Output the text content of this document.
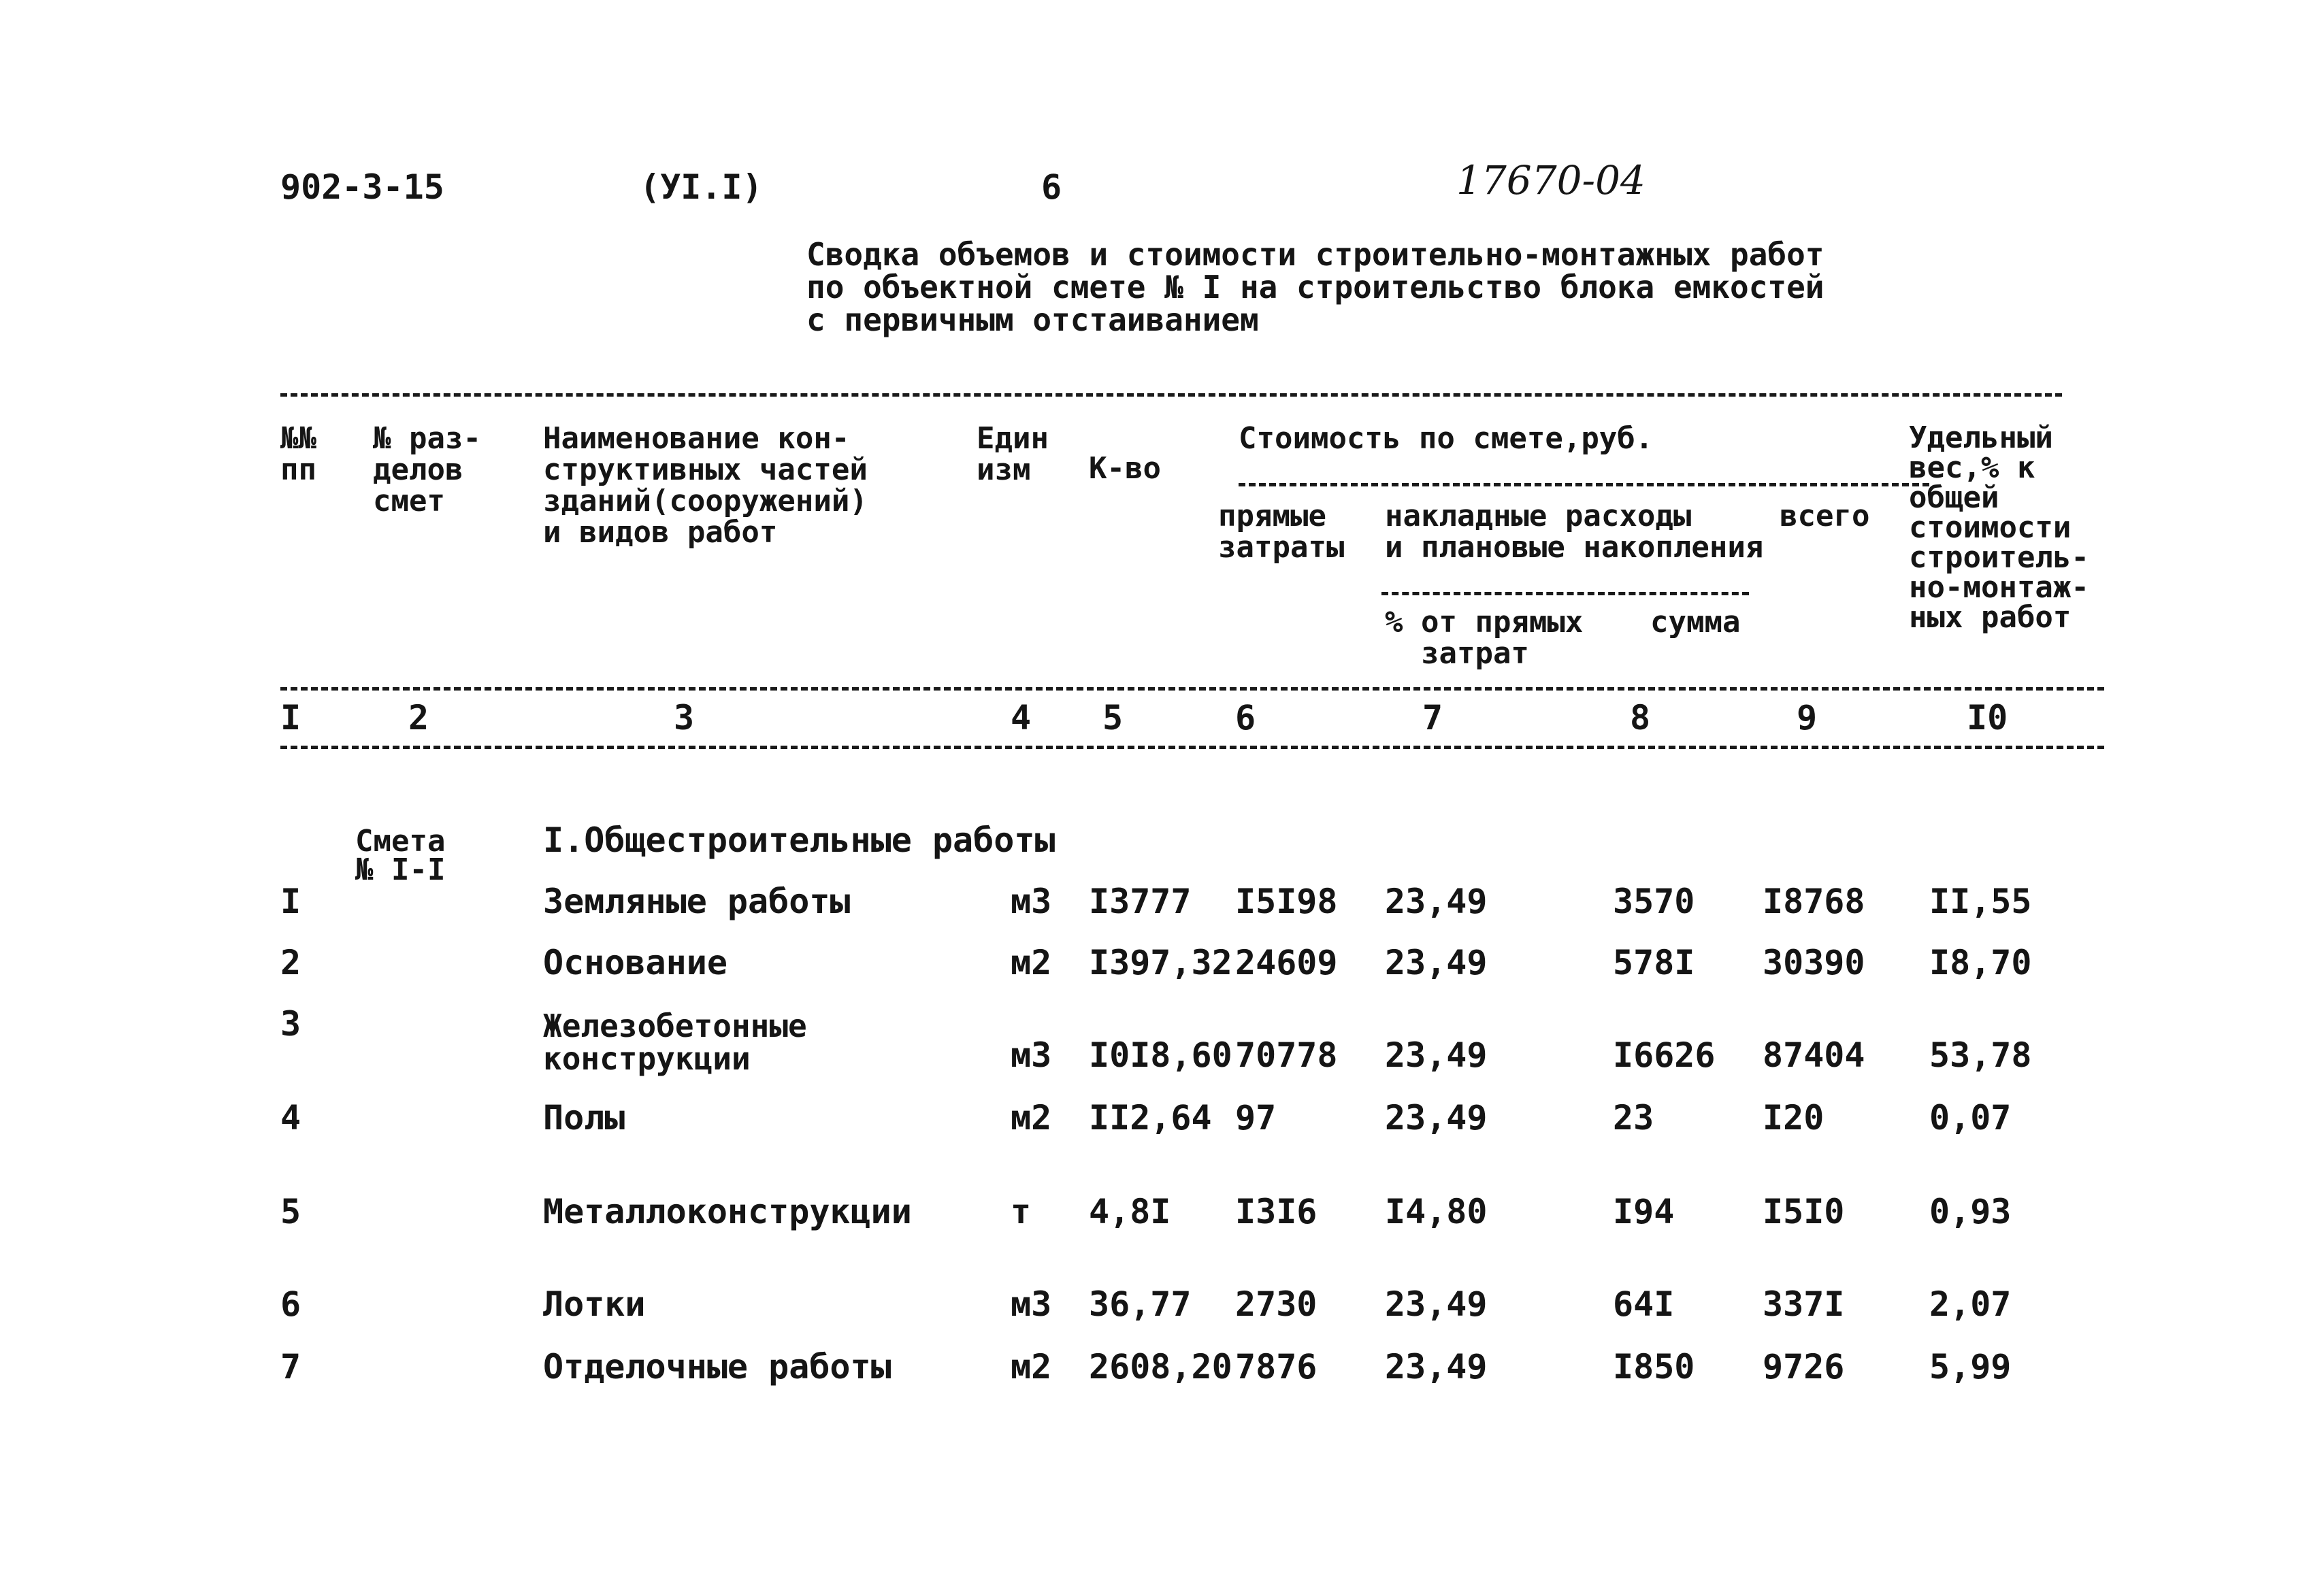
902-3-15	(УI.I)	6	17670-04
Сводка объемов и стоимости строительно-монтажных работ
по объектной смете № I на строительство блока емкостей
с первичным отстаиванием
№№
пп
№ раз-
делов
смет
Наименование кон-
структивных частей
зданий(сооружений)
и видов работ
Един
изм	К-во
Стоимость по смете,руб.
прямые
затраты
накладные расходы
и плановые накопления
всего
% от прямых
затрат
сумма
Удельный
вес,% к
общей
стоимости
строитель-
но-монтаж-
ных работ
I	2	3	4 5	6	7	8	9	I0
Смета
№ I-I
I.Общестроительные работы
I	Земляные работы	м3 I3777 I5I98 23,49	3570 I8768 II,55
2	Основание	м2 I397,32 24609 23,49	578I 30390 I8,70
3	Железобетонные
конструкции	м3 I0I8,60 70778 23,49	I6626 87404 53,78
4	Полы	м2 II2,64 97	23,49	23	I20	0,07
5	Металлоконструкции	т 4,8I I3I6 I4,80	I94	I5I0 0,93
6	Лотки	м3 36,77 2730 23,49	64I	337I 2,07
7	Отделочные работы	м2 2608,20 7876 23,49	I850 9726 5,99
